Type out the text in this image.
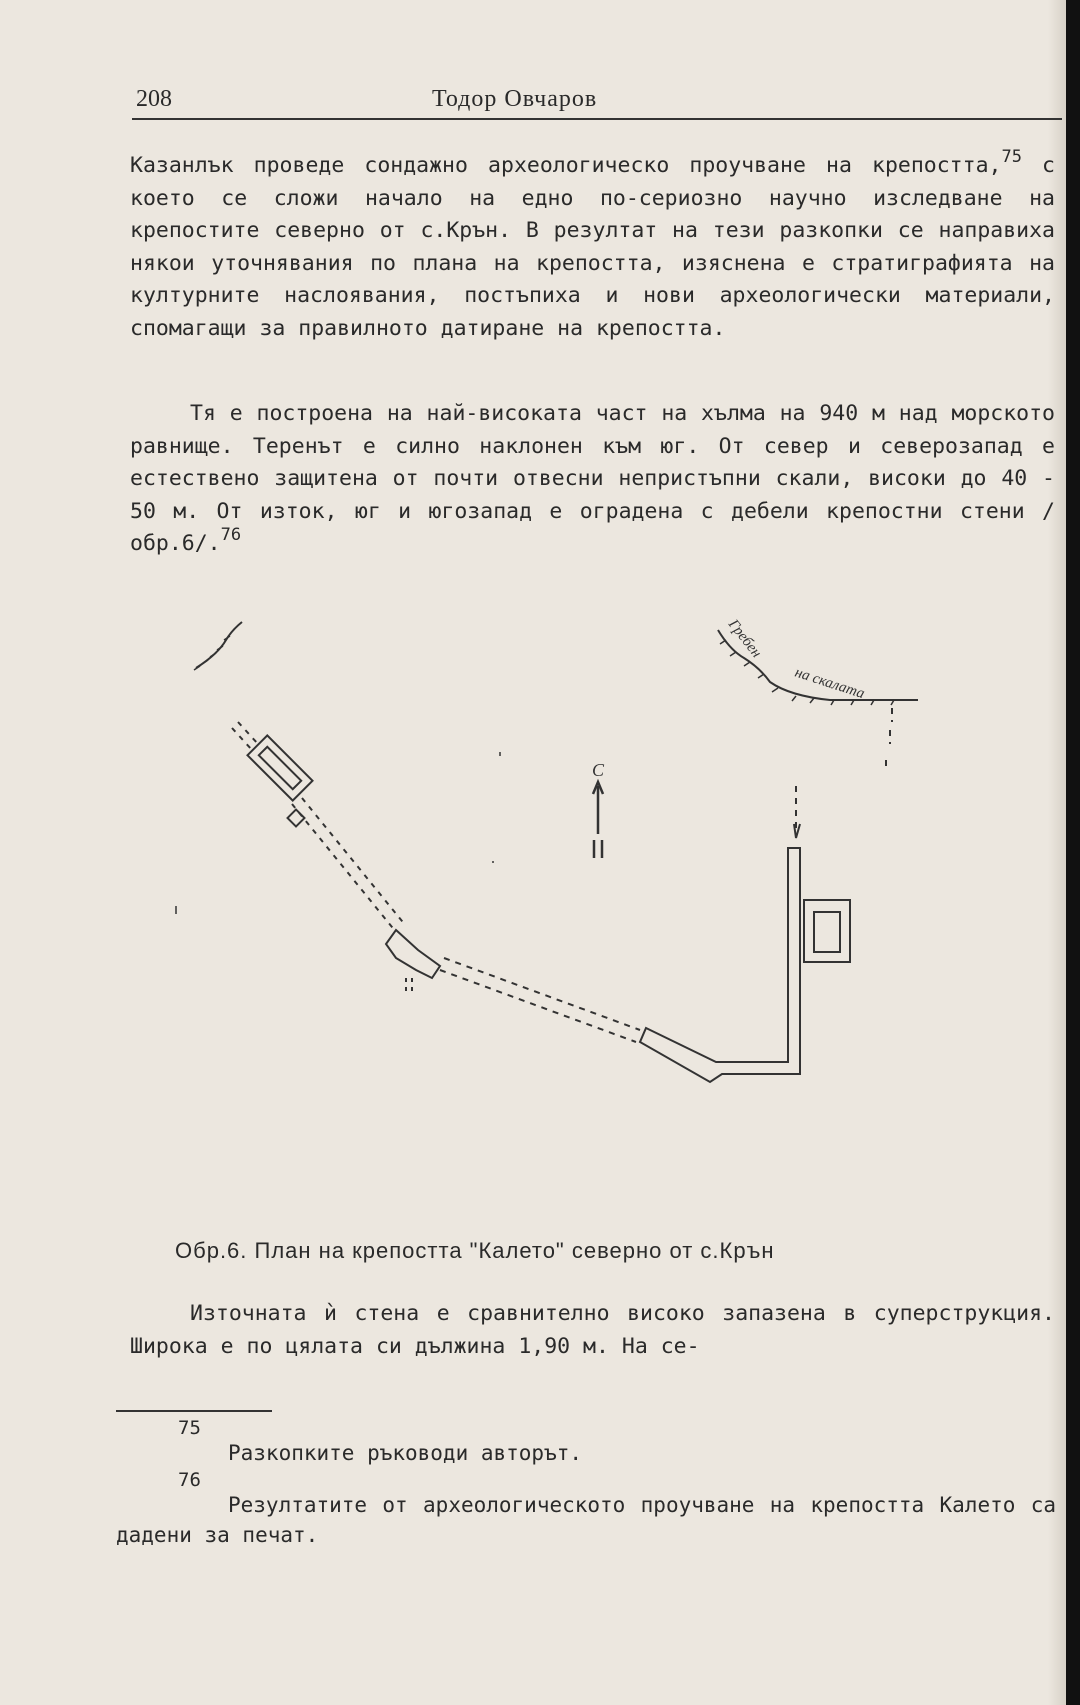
208	Тодор Овчаров

Казанлък проведе сондажно археологическо проучване на крепостта,$^{75}$ с което се сложи начало на едно по-сериозно научно изследване на крепостите северно от с.Крън. В резултат на тези разкопки се направиха някои уточнявания по плана на крепостта, изяснена е стратиграфията на културните наслоявания, постъпиха и нови археологически материали, спомагащи за правилното датиране на крепостта.

Тя е построена на най-високата част на хълма на 940 м над морското равнище. Теренът е силно наклонен към юг. От север и северозапад е естествено защитена от почти отвесни непристъпни скали, високи до 40 - 50 м. От изток, юг и югозапад е оградена с дебели крепостни стени /обр.6/.$^{76}$

С
Гребен
на скалата
Обр.6. План на крепостта "Калето" северно от с.Крън

Източната ѝ стена е сравнително високо запазена в суперструкция. Широка е по цялата си дължина 1,90 м. На се-

75
Разкопките ръководи авторът.
76
Резултатите от археологическото проучване на крепостта Калето са дадени за печат.
